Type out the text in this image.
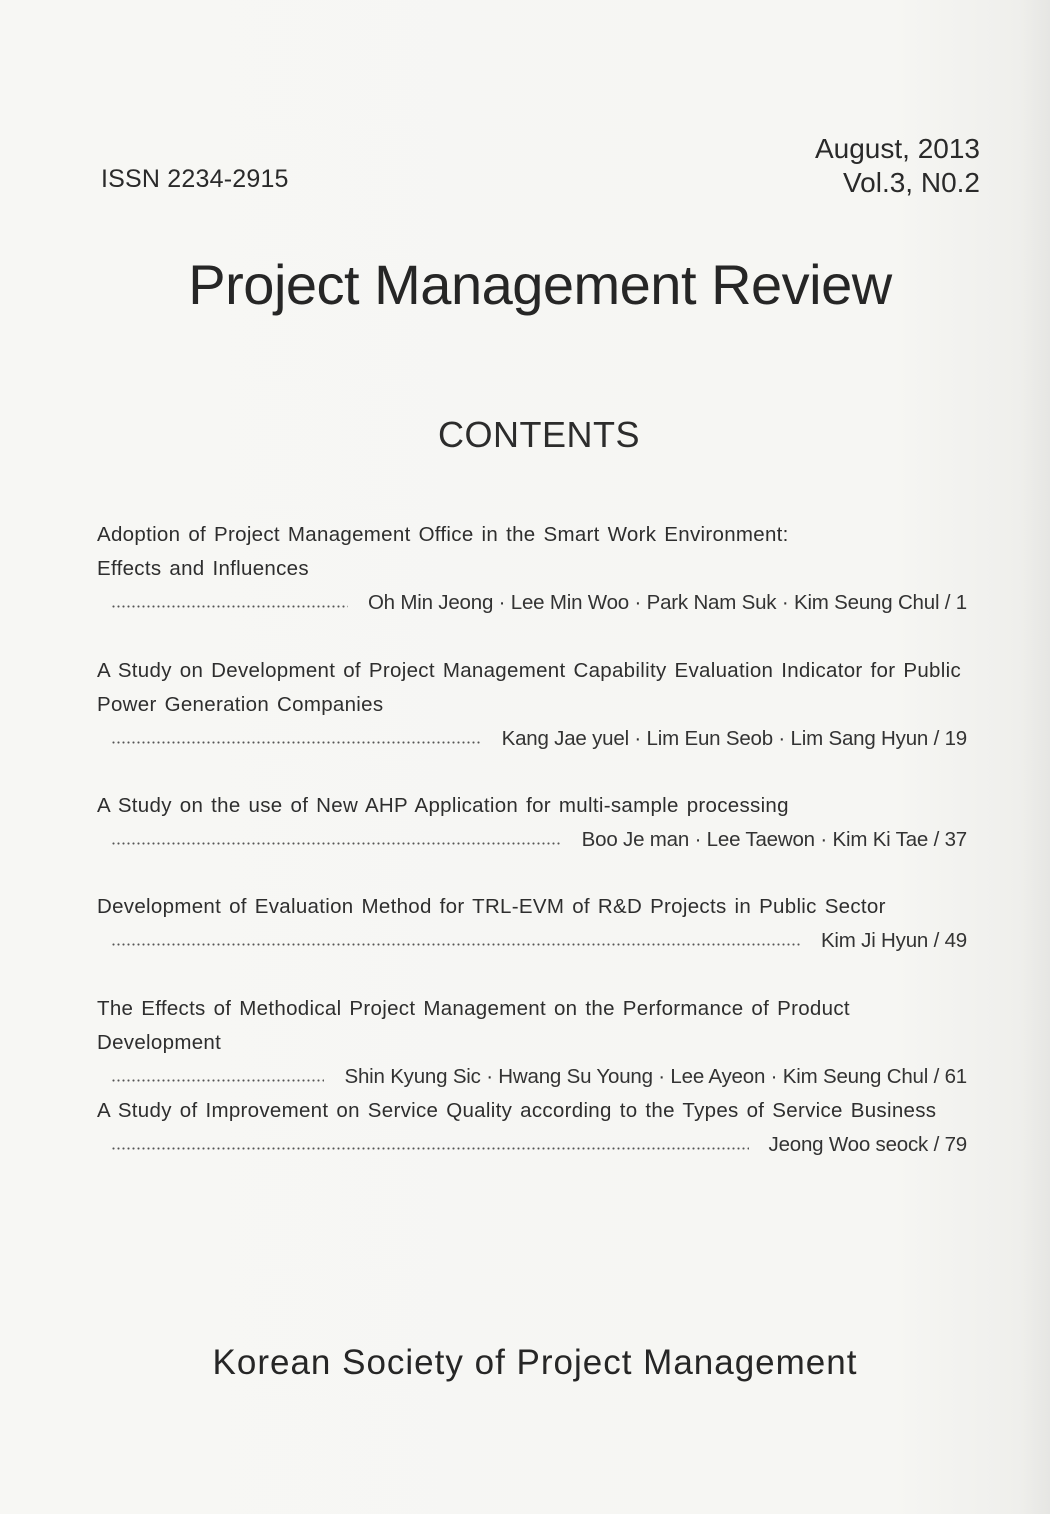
ISSN 2234-2915
August, 2013
Vol.3, N0.2
Project Management Review
CONTENTS
Adoption of Project Management Office in the Smart Work Environment:
Effects and Influences
Oh Min Jeong · Lee Min Woo · Park Nam Suk · Kim Seung Chul / 1
A Study on Development of Project Management Capability Evaluation Indicator for Public
Power Generation Companies
Kang Jae yuel · Lim Eun Seob · Lim Sang Hyun / 19
A Study on the use of New AHP Application for multi-sample processing
Boo Je man · Lee Taewon · Kim Ki Tae / 37
Development of Evaluation Method for TRL-EVM of R&D Projects in Public Sector
Kim Ji Hyun / 49
The Effects of Methodical Project Management on the Performance of Product Development
Shin Kyung Sic · Hwang Su Young · Lee Ayeon · Kim Seung Chul / 61
A Study of Improvement on Service Quality according to the Types of Service Business
Jeong Woo seock / 79
Korean Society of Project Management
